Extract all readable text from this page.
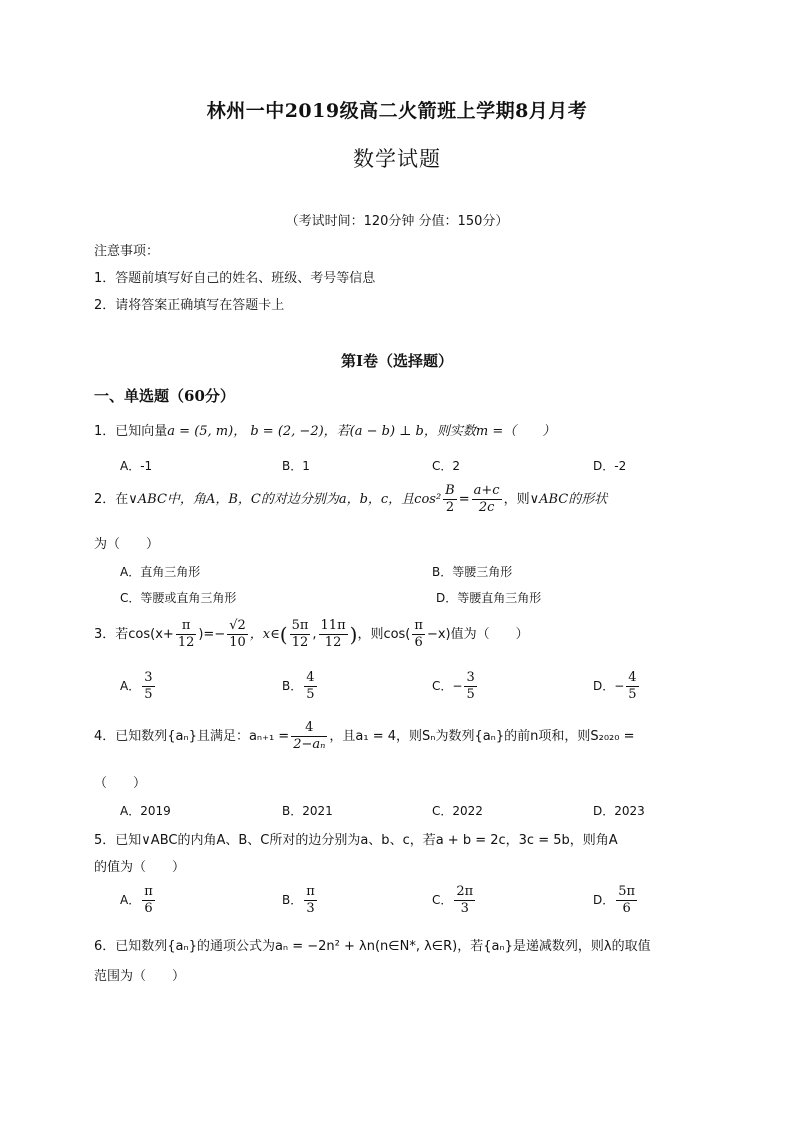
林州一中2019级高二火箭班上学期8月月考
数学试题
（考试时间：120分钟 分值：150分）
注意事项：
1．答题前填写好自己的姓名、班级、考号等信息
2．请将答案正确填写在答题卡上
第I卷（选择题）
一、单选题（60分）
1．已知向量a = (5, m)， b = (2, −2)，若(a − b) ⊥ b，则实数m =（　　）
A．-1	B．1	C．2	D．-2
2．在∨ABC中，角A，B，C的对边分别为a，b，c，且$\cos^2 \frac{B}{2} = \frac{a+c}{2c}$ ，则∨ABC的形状
为（　　）
A．直角三角形	B．等腰三角形
C．等腰或直角三角形	D．等腰直角三角形
3．若$\cos(x+ \frac{\pi}{12}$ )=− $\frac{√2}{10}$ ，x∈( $\frac{5\pi}{12}$ , $\frac{11\pi}{12}$ )，则$\cos( \frac{\pi}{6} -x)$值为（　　）
A． $\frac{3}{5}$	B． $\frac{4}{5}$	C．− $\frac{3}{5}$	D．− $\frac{4}{5}$
4．已知数列{aₙ}且满足：$a_{n+1} = \frac{4}{\text{2−aₙ}}$ ，且a₁ = 4，则Sₙ为数列{aₙ}的前n项和，则S₂₀₂₀ =
（　　）
A．2019	B．2021	C．2022	D．2023
5．已知∨ABC的内角A、B、C所对的边分别为a、b、c，若a + b = 2c，3c = 5b，则角A
的值为（　　）
A． $\frac{\pi}{6}$	B． $\frac{\pi}{3}$	C． $\frac{2\pi}{3}$	D． $\frac{5\pi}{6}$
6．已知数列{aₙ}的通项公式为aₙ = −2n² + λn(n∈N*, λ∈R)，若{aₙ}是递减数列，则λ的取值
范围为（　　）
